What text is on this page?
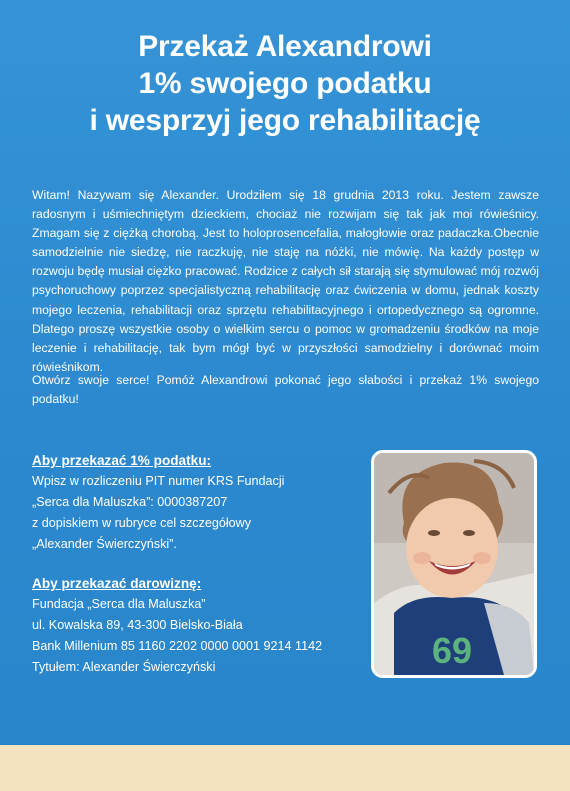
Przekaż Alexandrowi
1% swojego podatku
i wesprzyj jego rehabilitację
Witam! Nazywam się Alexander. Urodziłem się 18 grudnia 2013 roku. Jestem zawsze radosnym i uśmiechniętym dzieckiem, chociaż nie rozwijam się tak jak moi rówieśnicy. Zmagam się z ciężką chorobą. Jest to holoprosencefalia, małogłowie oraz padaczka.Obecnie samodzielnie nie siedzę, nie raczkuję, nie staję na nóżki, nie mówię. Na każdy postęp w rozwoju będę musiał ciężko pracować. Rodzice z całych sił starają się stymulować mój rozwój psychoruchowy poprzez specjalistyczną rehabilitację oraz ćwiczenia w domu, jednak koszty mojego leczenia, rehabilitacji oraz sprzętu rehabilitacyjnego i ortopedycznego są ogromne. Dlatego proszę wszystkie osoby o wielkim sercu o pomoc w gromadzeniu środków na moje leczenie i rehabilitację, tak bym mógł być w przyszłości samodzielny i dorównać moim rówieśnikom.
Otwórz swoje serce! Pomóż Alexandrowi pokonać jego słabości i przekaż 1% swojego podatku!
Aby przekazać 1% podatku:
Wpisz w rozliczeniu PIT numer KRS Fundacji
„Serca dla Maluszka”: 0000387207
z dopiskiem w rubryce cel szczegółowy
„Alexander Świerczyński”.
Aby przekazać darowiznę:
Fundacja „Serca dla Maluszka”
ul. Kowalska 89, 43-300 Bielsko-Biała
Bank Millenium 85 1160 2202 0000 0001 9214 1142
Tytułem: Alexander Świerczyński	69
